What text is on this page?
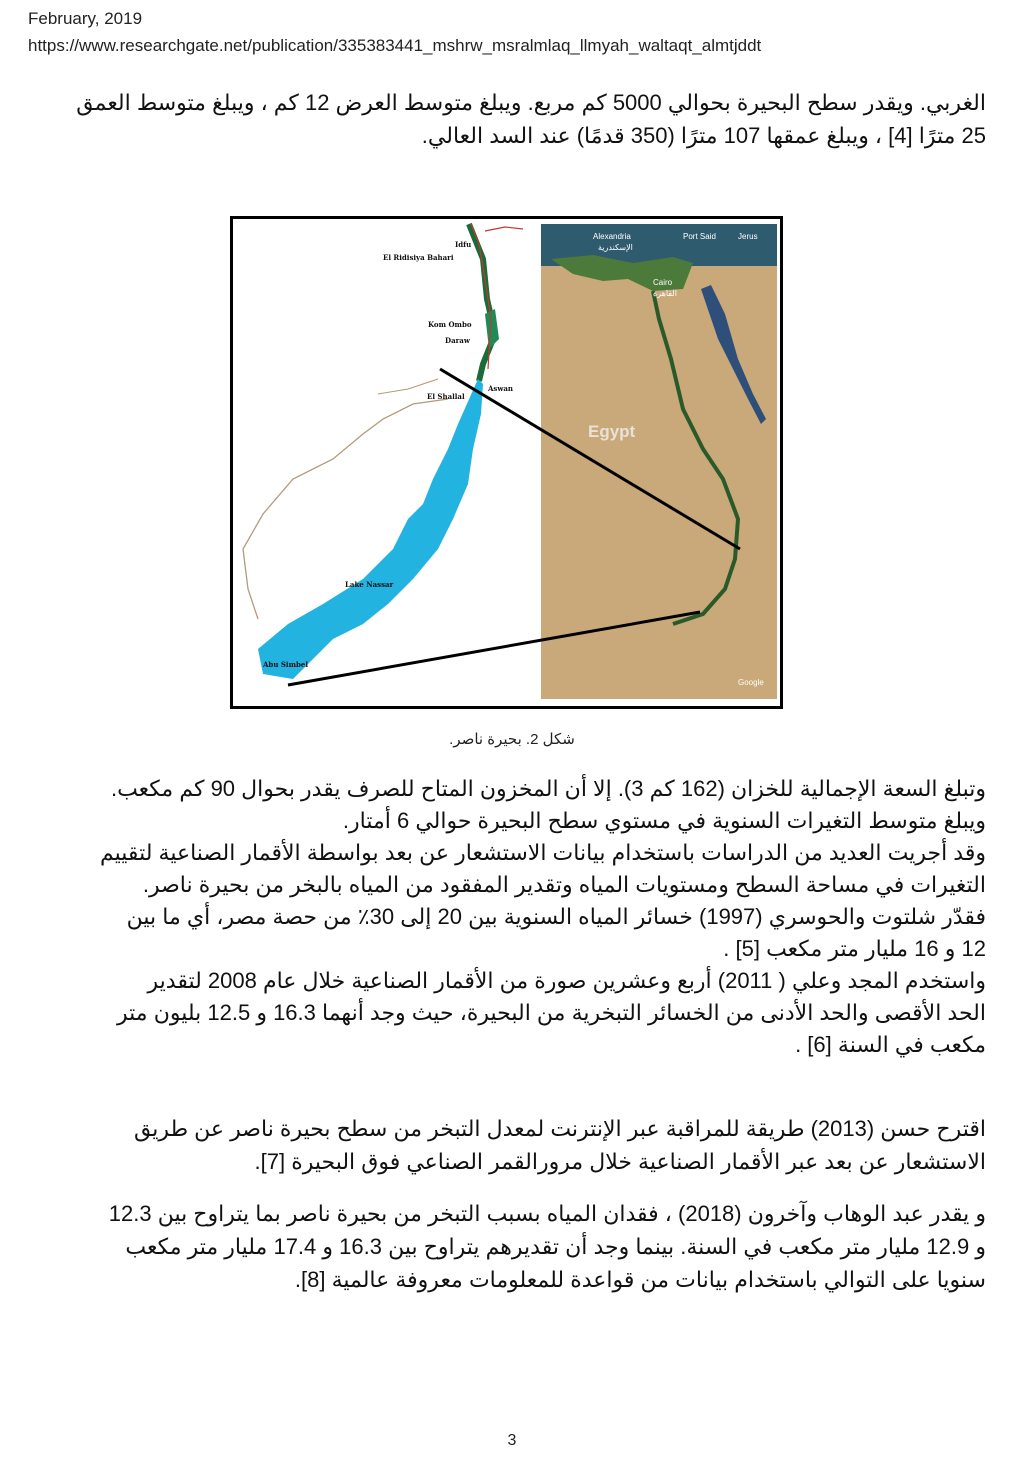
February, 2019
https://www.researchgate.net/publication/335383441_mshrw_msralmlaq_llmyah_waltaqt_almtjddt
الغربي. ويقدر سطح البحيرة بحوالي 5000 كم مربع. ويبلغ متوسط العرض 12 كم ، ويبلغ متوسط العمق
25 مترًا [4] ، ويبلغ عمقها 107 مترًا (350 قدمًا) عند السد العالي.
Alexandria
الإسكندرية
Port Said	Jerus
Cairo
القاهرة
Egypt
Google
Idfu
El Ridisiya Bahari
Kom Ombo
Daraw
Aswan
El Shallal
Lake Nassar
Abu Simbel
شكل 2. بحيرة ناصر.
وتبلغ السعة الإجمالية للخزان (162 كم 3). إلا أن المخزون المتاح للصرف يقدر بحوال 90 كم مكعب.
ويبلغ متوسط التغيرات السنوية في مستوي سطح البحيرة حوالي 6 أمتار.
وقد أجريت العديد من الدراسات باستخدام بيانات الاستشعار عن بعد بواسطة الأقمار الصناعية لتقييم
التغيرات في مساحة السطح ومستويات المياه وتقدير المفقود من المياه بالبخر من بحيرة ناصر.
فقدّر شلتوت والحوسري (1997) خسائر المياه السنوية بين 20 إلى 30٪ من حصة مصر، أي ما بين
12 و 16 مليار متر مكعب [5] .
واستخدم المجد وعلي ( 2011) أربع وعشرين صورة من الأقمار الصناعية خلال عام 2008 لتقدير
الحد الأقصى والحد الأدنى من الخسائر التبخرية من البحيرة، حيث وجد أنهما 16.3 و 12.5 بليون متر
مكعب في السنة [6] .
اقترح حسن (2013) طريقة للمراقبة عبر الإنترنت لمعدل التبخر من سطح بحيرة ناصر عن طريق
الاستشعار عن بعد عبر الأقمار الصناعية خلال مرورالقمر الصناعي فوق البحيرة [7].
و يقدر عبد الوهاب وآخرون (2018) ، فقدان المياه بسبب التبخر من بحيرة ناصر بما يتراوح بين 12.3
و 12.9 مليار متر مكعب في السنة. بينما وجد أن تقديرهم يتراوح بين 16.3 و 17.4 مليار متر مكعب
سنويا على التوالي باستخدام بيانات من قواعدة للمعلومات معروفة عالمية [8].
3
